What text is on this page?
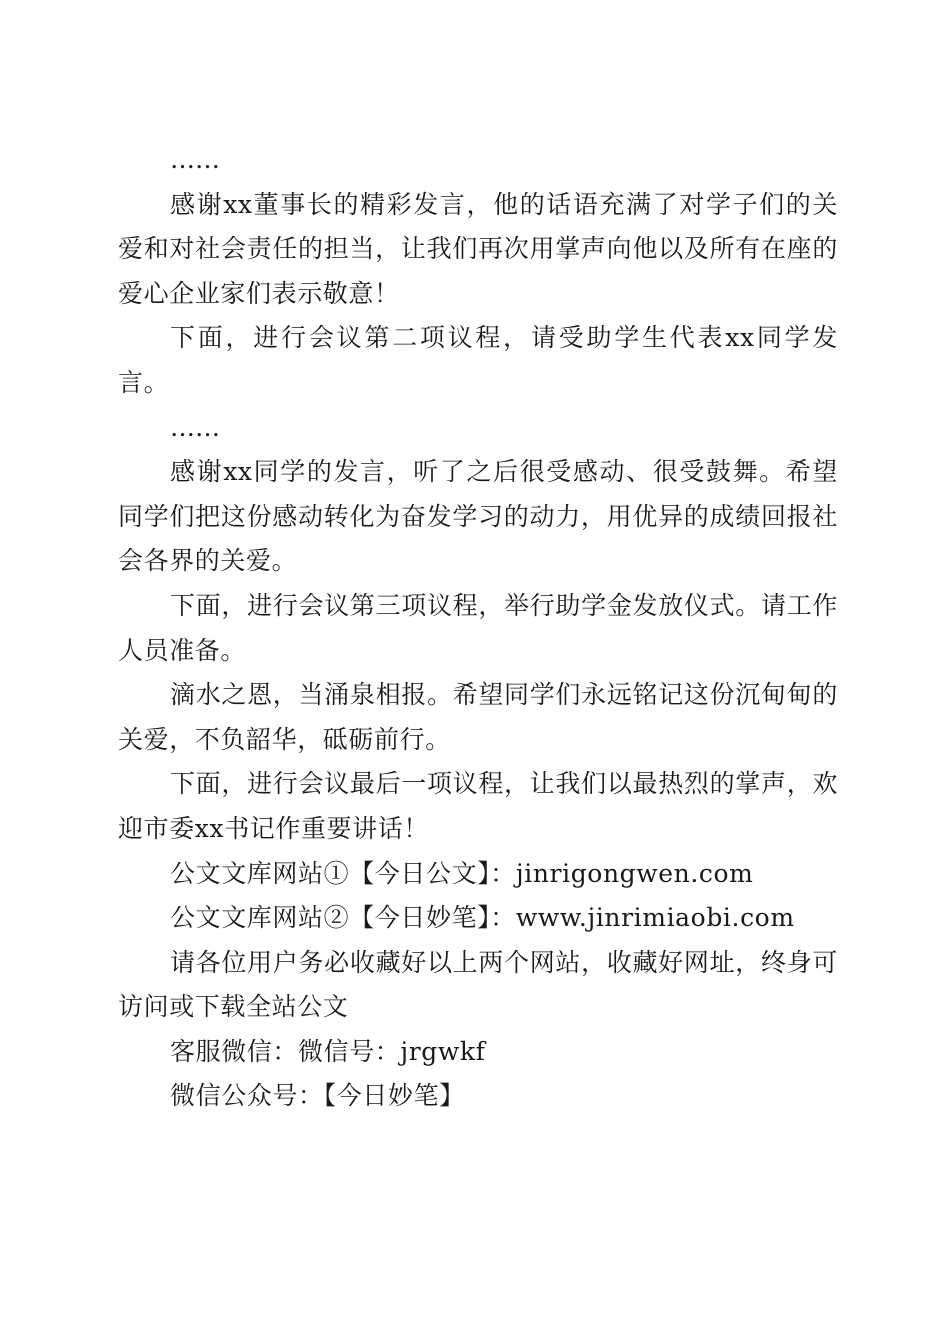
……

感谢xx董事长的精彩发言，他的话语充满了对学子们的关爱和对社会责任的担当，让我们再次用掌声向他以及所有在座的爱心企业家们表示敬意！

下面，进行会议第二项议程，请受助学生代表xx同学发言。

……

感谢xx同学的发言，听了之后很受感动、很受鼓舞。希望同学们把这份感动转化为奋发学习的动力，用优异的成绩回报社会各界的关爱。

下面，进行会议第三项议程，举行助学金发放仪式。请工作人员准备。

滴水之恩，当涌泉相报。希望同学们永远铭记这份沉甸甸的关爱，不负韶华，砥砺前行。

下面，进行会议最后一项议程，让我们以最热烈的掌声，欢迎市委xx书记作重要讲话！

公文文库网站①【今日公文】：jinrigongwen.com

公文文库网站②【今日妙笔】：www.jinrimiaobi.com

请各位用户务必收藏好以上两个网站，收藏好网址，终身可访问或下载全站公文

客服微信：微信号：jrgwkf

微信公众号：【今日妙笔】
